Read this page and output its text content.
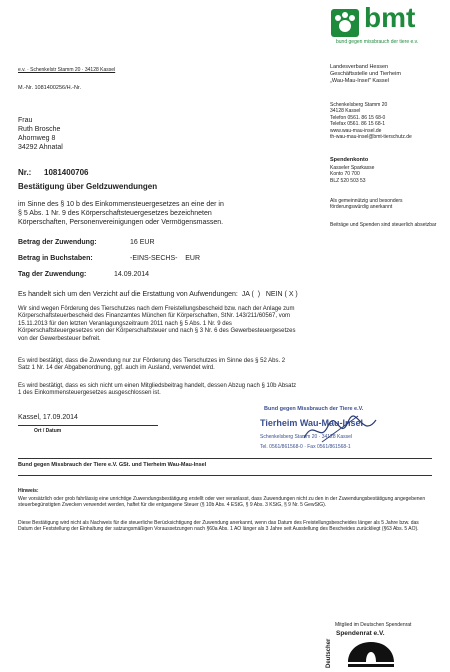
bmt
bund gegen missbrauch der tiere e.v.
e.v. · Schenkelstr Stamm 20 · 34128 Kassel
M.-Nr. 1081400256/H.-Nr.
Frau
Ruth Brosche
Ahornweg 8
34292 Ahnatal
Landesverband Hessen
Geschäftsstelle und Tierheim
„Wau-Mau-Insel" Kassel
Schenkelsberg Stamm 20
34128 Kassel
Telefon 0561. 86 15 68-0
Telefax 0561. 86 15 68-1
www.wau-mau-insel.de
th-wau-mau-insel@bmt-tierschutz.de
Spendenkonto
Kasseler Sparkasse
Konto 70 700
BLZ 520 503 53
Als gemeinnützig und besonders förderungswürdig anerkannt
Beiträge und Spenden sind steuerlich absetzbar
Nr.: 1081400706
Bestätigung über Geldzuwendungen
im Sinne des § 10 b des Einkommensteuergesetzes an eine der in
§ 5 Abs. 1 Nr. 9 des Körperschaftsteuergesetzes bezeichneten
Körperschaften, Personenvereinigungen oder Vermögensmassen.
Betrag der Zuwendung:	16 EUR
Betrag in Buchstaben:	-EINS-SECHS-    EUR
Tag der Zuwendung:	14.09.2014
Es handelt sich um den Verzicht auf die Erstattung von Aufwendungen:  JA (  )   NEIN ( X )
Wir sind wegen Förderung des Tierschutzes nach dem Freistellungsbescheid bzw. nach der Anlage zum
Körperschaftsteuerbescheid des Finanzamtes München für Körperschaften, StNr. 143/211/60567, vom
15.11.2013 für den letzten Veranlagungszeitraum 2011 nach § 5 Abs. 1 Nr. 9 des
Körperschaftsteuergesetzes von der Körperschaftsteuer und nach § 3 Nr. 6 des Gewerbesteuergesetzes
von der Gewerbesteuer befreit.
Es wird bestätigt, dass die Zuwendung nur zur Förderung des Tierschutzes im Sinne des § 52 Abs. 2
Satz 1 Nr. 14 der Abgabenordnung, ggf. auch im Ausland, verwendet wird.
Es wird bestätigt, dass es sich nicht um einen Mitgliedsbeitrag handelt, dessen Abzug nach § 10b Absatz
1 des Einkommensteuergesetzes ausgeschlossen ist.
Kassel, 17.09.2014
Ort / Datum
Bund gegen Missbrauch der Tiere e.V.
Tierheim Wau-Mau-Insel
Schenkelsberg Stamm 20 · 34128 Kassel
Tel. 0561/861568-0 · Fax 0561/861568-1
Bund gegen Missbrauch der Tiere e.V. GSt. und Tierheim Wau-Mau-Insel
Hinweis:
Wer vorsätzlich oder grob fahrlässig eine unrichtige Zuwendungsbestätigung erstellt oder wer veranlasst, dass Zuwendungen nicht zu den in der Zuwendungsbestätigung angegebenen steuerbegünstigten Zwecken verwendet werden, haftet für die entgangene Steuer (§ 10b Abs. 4 EStG, § 9 Abs. 3 KStG, § 9 Nr. 5 GewStG).
Diese Bestätigung wird nicht als Nachweis für die steuerliche Berücksichtigung der Zuwendung anerkannt, wenn das Datum des Freistellungsbescheides länger als 5 Jahre bzw. das Datum der Feststellung der Einhaltung der satzungsmäßigen Voraussetzungen nach §60a Abs. 1 AO länger als 3 Jahre seit Ausstellung des Bescheides zurückliegt (§63 Abs. 5 AO).
Mitglied im Deutschen Spendenrat
Deutscher
Spendenrat e.V.
